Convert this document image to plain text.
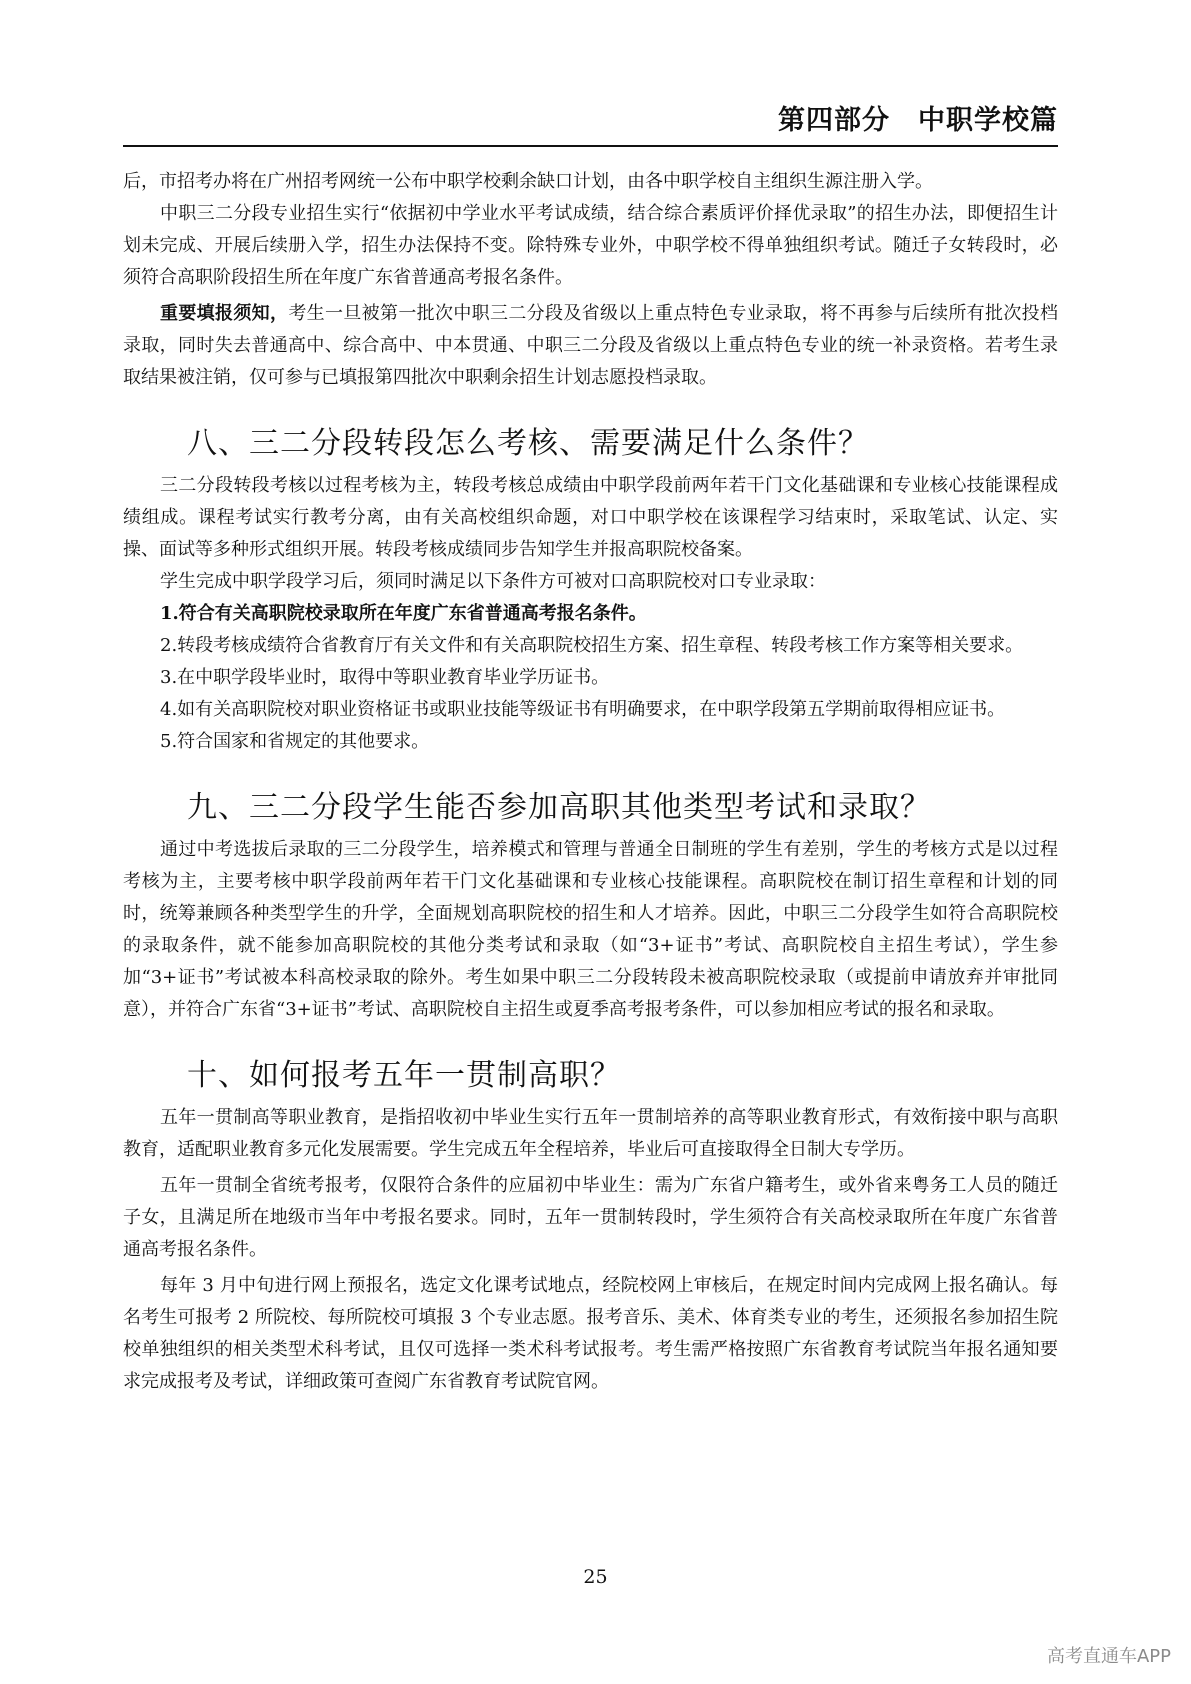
第四部分　中职学校篇

后，市招考办将在广州招考网统一公布中职学校剩余缺口计划，由各中职学校自主组织生源注册入学。

中职三二分段专业招生实行“依据初中学业水平考试成绩，结合综合素质评价择优录取”的招生办法，即便招生计划未完成、开展后续册入学，招生办法保持不变。除特殊专业外，中职学校不得单独组织考试。随迁子女转段时，必须符合高职阶段招生所在年度广东省普通高考报名条件。

重要填报须知，考生一旦被第一批次中职三二分段及省级以上重点特色专业录取，将不再参与后续所有批次投档录取，同时失去普通高中、综合高中、中本贯通、中职三二分段及省级以上重点特色专业的统一补录资格。若考生录取结果被注销，仅可参与已填报第四批次中职剩余招生计划志愿投档录取。

八、三二分段转段怎么考核、需要满足什么条件？

三二分段转段考核以过程考核为主，转段考核总成绩由中职学段前两年若干门文化基础课和专业核心技能课程成绩组成。课程考试实行教考分离，由有关高校组织命题，对口中职学校在该课程学习结束时，采取笔试、认定、实操、面试等多种形式组织开展。转段考核成绩同步告知学生并报高职院校备案。

学生完成中职学段学习后，须同时满足以下条件方可被对口高职院校对口专业录取：

1.符合有关高职院校录取所在年度广东省普通高考报名条件。

2.转段考核成绩符合省教育厅有关文件和有关高职院校招生方案、招生章程、转段考核工作方案等相关要求。

3.在中职学段毕业时，取得中等职业教育毕业学历证书。

4.如有关高职院校对职业资格证书或职业技能等级证书有明确要求，在中职学段第五学期前取得相应证书。

5.符合国家和省规定的其他要求。

九、三二分段学生能否参加高职其他类型考试和录取？

通过中考选拔后录取的三二分段学生，培养模式和管理与普通全日制班的学生有差别，学生的考核方式是以过程考核为主，主要考核中职学段前两年若干门文化基础课和专业核心技能课程。高职院校在制订招生章程和计划的同时，统筹兼顾各种类型学生的升学，全面规划高职院校的招生和人才培养。因此，中职三二分段学生如符合高职院校的录取条件，就不能参加高职院校的其他分类考试和录取（如“3+证书”考试、高职院校自主招生考试），学生参加“3+证书”考试被本科高校录取的除外。考生如果中职三二分段转段未被高职院校录取（或提前申请放弃并审批同意），并符合广东省“3+证书”考试、高职院校自主招生或夏季高考报考条件，可以参加相应考试的报名和录取。

十、如何报考五年一贯制高职？

五年一贯制高等职业教育，是指招收初中毕业生实行五年一贯制培养的高等职业教育形式，有效衔接中职与高职教育，适配职业教育多元化发展需要。学生完成五年全程培养，毕业后可直接取得全日制大专学历。

五年一贯制全省统考报考，仅限符合条件的应届初中毕业生：需为广东省户籍考生，或外省来粤务工人员的随迁子女，且满足所在地级市当年中考报名要求。同时，五年一贯制转段时，学生须符合有关高校录取所在年度广东省普通高考报名条件。

每年 3 月中旬进行网上预报名，选定文化课考试地点，经院校网上审核后，在规定时间内完成网上报名确认。每名考生可报考 2 所院校、每所院校可填报 3 个专业志愿。报考音乐、美术、体育类专业的考生，还须报名参加招生院校单独组织的相关类型术科考试，且仅可选择一类术科考试报考。考生需严格按照广东省教育考试院当年报名通知要求完成报考及考试，详细政策可查阅广东省教育考试院官网。

25
高考直通车APP
